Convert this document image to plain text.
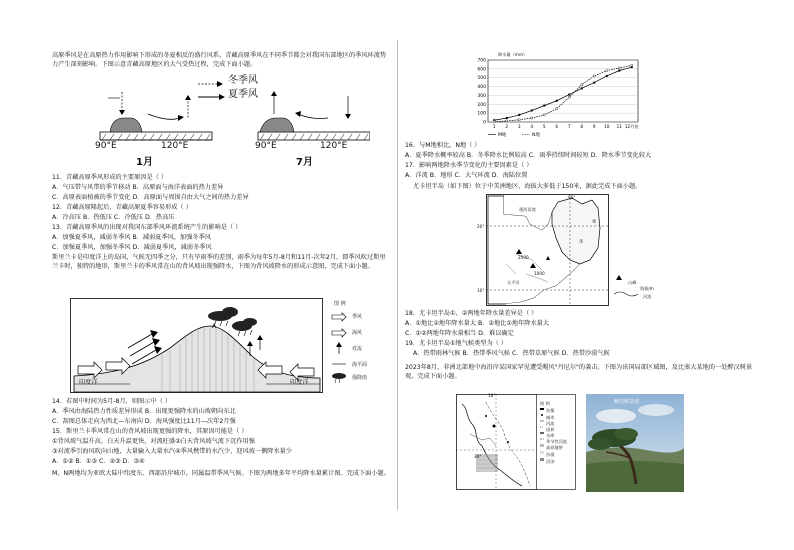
高原季风是在高原热力作用影响下形成的冬夏相反的盛行风系。青藏高原季风在不同季节都会对我国东部地区的季风环流势力产生深刻影响。下图示意青藏高原地区的大气受热过程，完成下面小题。
冬季风
夏季风
90°E	120°E	90°E	120°E
1月	7月
11．青藏高原季风形成的主要原因是（ ）
A．气压带与风带的季节移动 B．高原面与海洋表面的热力差异
C．高原表面植被的季节变化 D．高原面与周围自由大气之间的热力差异
12．青藏高原隆起后，青藏高原夏季容易形成（ ）
A．冷高压 B．热低压 C．冷低压 D．热高压
13．青藏高原季风的出现对我国东部季风环流系统产生的影响是（ ）
A．加强夏季风，减弱冬季风 B．减弱夏季风，加强冬季风
C．加强夏季风，加强冬季风 D．减弱夏季风，减弱冬季风
斯里兰卡是印度洋上的岛国，气候无四季之分，只有旱雨季的差别，雨季为每年5月-8月和11月-次年2月，即季风吹过斯里兰卡时，独特的地形，斯里兰卡的季风常在山的背风坡出现强降水，下图为背风坡降水的形成示意图，完成下面小题。
印度洋	印度洋
A
图 例
季风
海风
对流
海平面
强降雨
14．若图中时间为5月-8月，则图示中（ ）
A．季风由海陆热力性质差异形成 B．出现更强降水的山坡朝向东北
C．刮图总体走向为西北—东南向 D．海风强度比11月—次年2月强
15．斯里兰卡季风常在山的背风坡出现更强的降水，其原因可能是（ ）
①背风坡气温升高，白天升温更快，对流旺盛②白天背风坡气流下沉作用强
③对流季引海风吹向山地，大量输入大量水汽④季风携带的水汽少，迎风坡一侧降水量少
A．①② B．①③ C．②③ D．③④
M、N两地均为亚欧大陆中纬度东、西部沿岸城市，同属温带季风气候。下图为两地多年平均降水量累计图。完成下面小题。
700
600
500
400
300
200
100
0
1 2 3 4 5 6 7 8 9 10 11 12月份
M地	N地
降水量（mm）
16．与M地相比，N地（ ）
A．夏季降水概率较高 B．冬季降水比例较高 C．雨季持续时间较短 D．降水季节变化较大
17．影响两地降水季节变化的主要因素是（ ）
A．洋流 B．地形 C．大气环流 D．海陆位置
尤卡坦半岛（如下图）位于中美洲地区，海拔大多低于150米，据此完成下面小题。
墨西哥湾
太平洋
20°
10°
90°
①
②
2500
1000
山峰
海拔/m
河流
18．尤卡坦半岛①、②两地年降水量差异是（ ）
A．①地比②地年降水量大 B．②地比①地年降水量大
C．①②两地年降水量相当 D．难以确定
19．尤卡坦半岛①地气候类型为（ ）
A．热带雨林气候 B．热带季风气候 C．热带草原气候 D．热带沙漠气候
2023年8月，非洲北部地中海沿岸某国家罕见遭受飓风"丹尼尔"的袭击。下图为该国局部区域图，及比塞大某地的一处醉汉树景观。完成下面小题。
16°
30°
图 例
首都
城市
河流
国界
水库
季节性河流
高原地带
沙漠
沼泽
醉汉树景观
